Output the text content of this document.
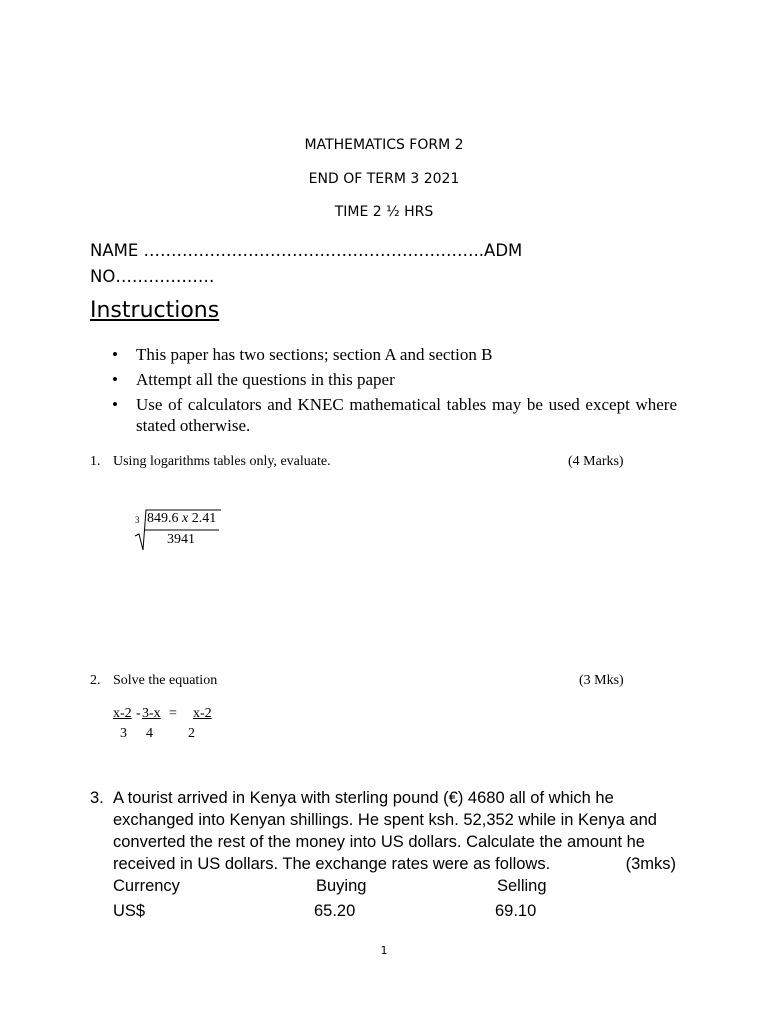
MATHEMATICS FORM 2
END OF TERM 3 2021
TIME 2 ½ HRS
NAME ……………………………………………………..ADM
NO………………
Instructions
• This paper has two sections; section A and section B
• Attempt all the questions in this paper
• Use of calculators and KNEC mathematical tables may be used except where stated otherwise.
1. Using logarithms tables only, evaluate.	(4 Marks)
3 849.6 x 2.41
3941
2. Solve the equation	(3 Mks)
x-2 - 3-x = x-2
3 4	2
3. A tourist arrived in Kenya with sterling pound (€) 4680 all of which he exchanged into Kenyan shillings. He spent ksh. 52,352 while in Kenya and converted the rest of the money into US dollars. Calculate the amount he received in US dollars. The exchange rates were as follows.	(3mks)
Currency	Buying	Selling
US$	65.20	69.10
1
